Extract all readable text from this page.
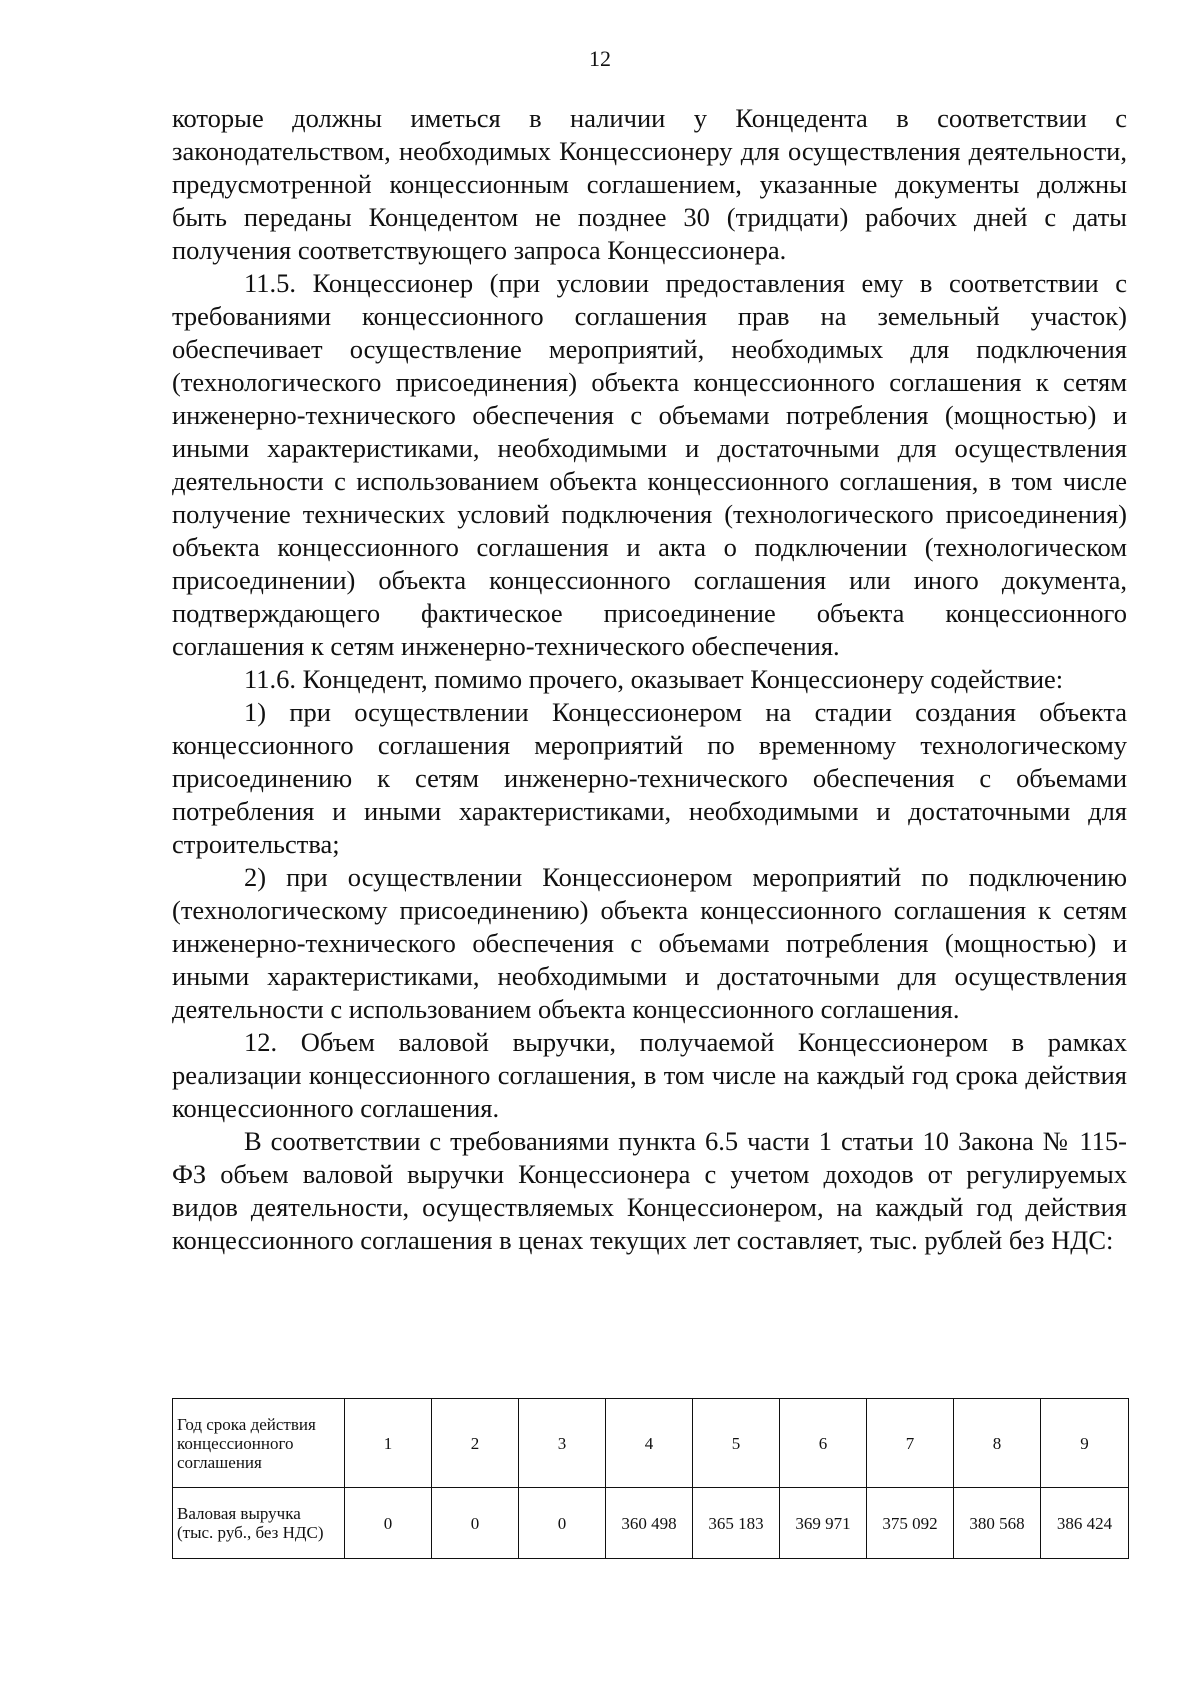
12

которые должны иметься в наличии у Концедента в соответствии с законодательством, необходимых Концессионеру для осуществления деятельности, предусмотренной концессионным соглашением, указанные документы должны быть переданы Концедентом не позднее 30 (тридцати) рабочих дней с даты получения соответствующего запроса Концессионера.

11.5. Концессионер (при условии предоставления ему в соответствии с требованиями концессионного соглашения прав на земельный участок) обеспечивает осуществление мероприятий, необходимых для подключения (технологического присоединения) объекта концессионного соглашения к сетям инженерно-технического обеспечения с объемами потребления (мощностью) и иными характеристиками, необходимыми и достаточными для осуществления деятельности с использованием объекта концессионного соглашения, в том числе получение технических условий подключения (технологического присоединения) объекта концессионного соглашения и акта о подключении (технологическом присоединении) объекта концессионного соглашения или иного документа, подтверждающего фактическое присоединение объекта концессионного соглашения к сетям инженерно-технического обеспечения.

11.6. Концедент, помимо прочего, оказывает Концессионеру содействие:

1) при осуществлении Концессионером на стадии создания объекта концессионного соглашения мероприятий по временному технологическому присоединению к сетям инженерно-технического обеспечения с объемами потребления и иными характеристиками, необходимыми и достаточными для строительства;

2) при осуществлении Концессионером мероприятий по подключению (технологическому присоединению) объекта концессионного соглашения к сетям инженерно-технического обеспечения с объемами потребления (мощностью) и иными характеристиками, необходимыми и достаточными для осуществления деятельности с использованием объекта концессионного соглашения.

12. Объем валовой выручки, получаемой Концессионером в рамках реализации концессионного соглашения, в том числе на каждый год срока действия концессионного соглашения.

В соответствии с требованиями пункта 6.5 части 1 статьи 10 Закона № 115-ФЗ объем валовой выручки Концессионера с учетом доходов от регулируемых видов деятельности, осуществляемых Концессионером, на каждый год действия концессионного соглашения в ценах текущих лет составляет, тыс. рублей без НДС:

Год срока действия концессионного соглашения	1	2	3	4	5	6	7	8	9
Валовая выручка (тыс. руб., без НДС)	0	0	0	360 498	365 183	369 971	375 092	380 568	386 424
